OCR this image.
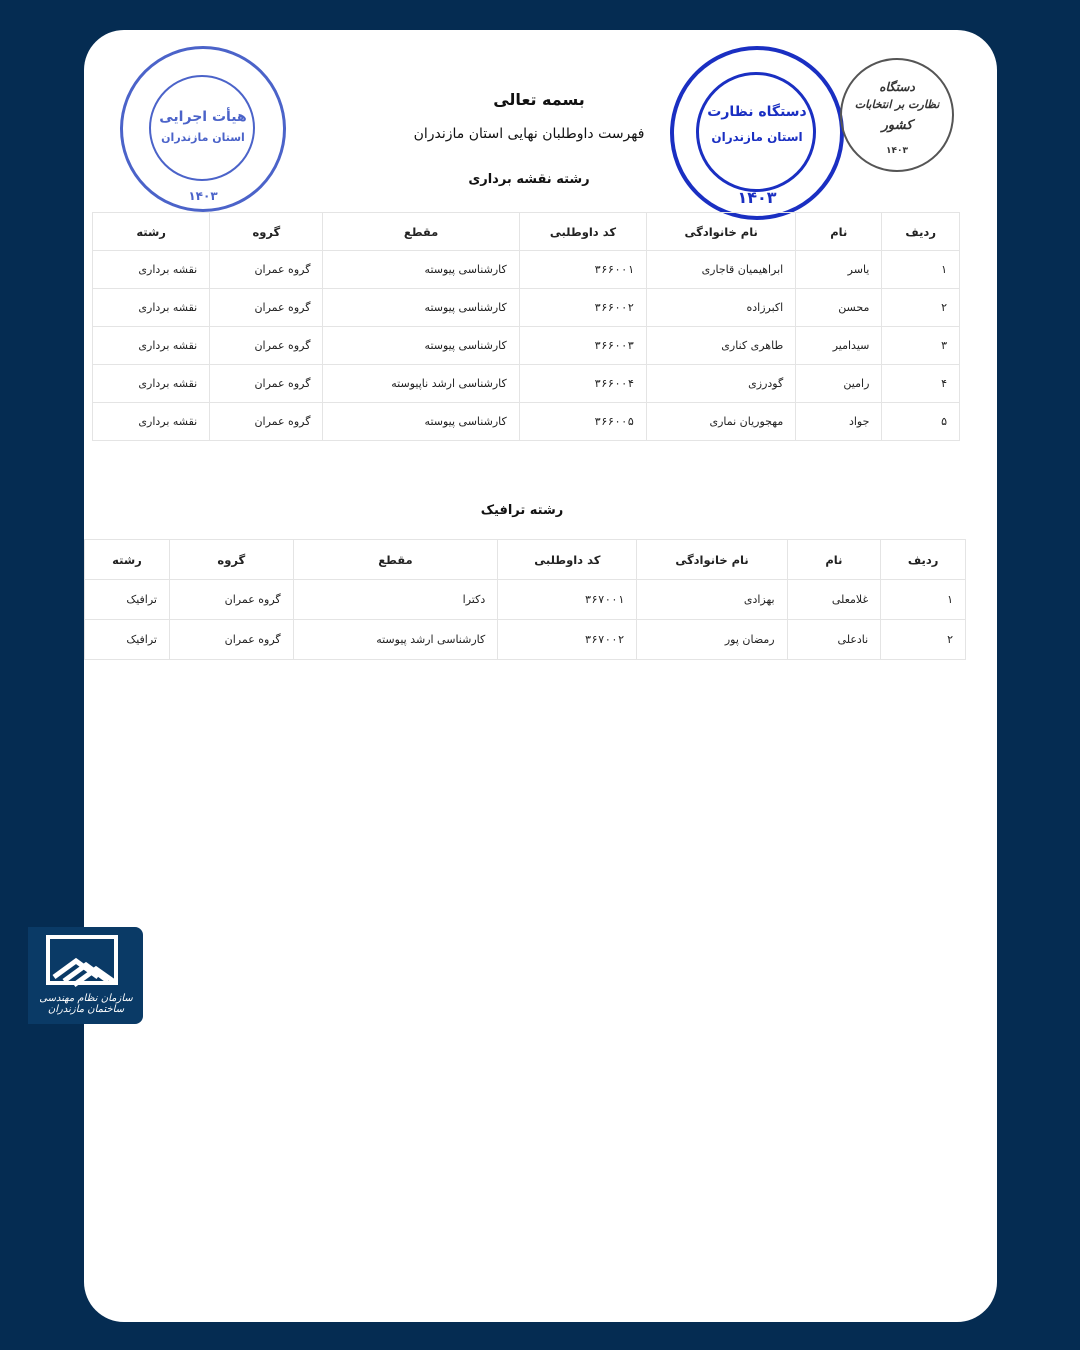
هیأت اجرایی
استان مازندران
۱۴۰۳
دستگاه نظارت
استان مازندران
۱۴۰۳
دستگاه
نظارت بر انتخابات
کشور
۱۴۰۳
بسمه تعالی
فهرست داوطلبان نهایی استان مازندران
رشته نقشه برداری
ردیف	نام	نام خانوادگی	کد داوطلبی	مقطع	گروه	رشته
۱	یاسر	ابراهیمیان قاجاری	۳۶۶۰۰۱	کارشناسی پیوسته	گروه عمران	نقشه برداری
۲	محسن	اکبرزاده	۳۶۶۰۰۲	کارشناسی پیوسته	گروه عمران	نقشه برداری
۳	سیدامیر	طاهری کناری	۳۶۶۰۰۳	کارشناسی پیوسته	گروه عمران	نقشه برداری
۴	رامین	گودرزی	۳۶۶۰۰۴	کارشناسی ارشد ناپیوسته	گروه عمران	نقشه برداری
۵	جواد	مهجوریان نماری	۳۶۶۰۰۵	کارشناسی پیوسته	گروه عمران	نقشه برداری
رشته ترافیک
ردیف	نام	نام خانوادگی	کد داوطلبی	مقطع	گروه	رشته
۱	غلامعلی	بهزادی	۳۶۷۰۰۱	دکترا	گروه عمران	ترافیک
۲	نادعلی	رمضان پور	۳۶۷۰۰۲	کارشناسی ارشد پیوسته	گروه عمران	ترافیک
سازمان نظام مهندسی ساختمان مازندران
